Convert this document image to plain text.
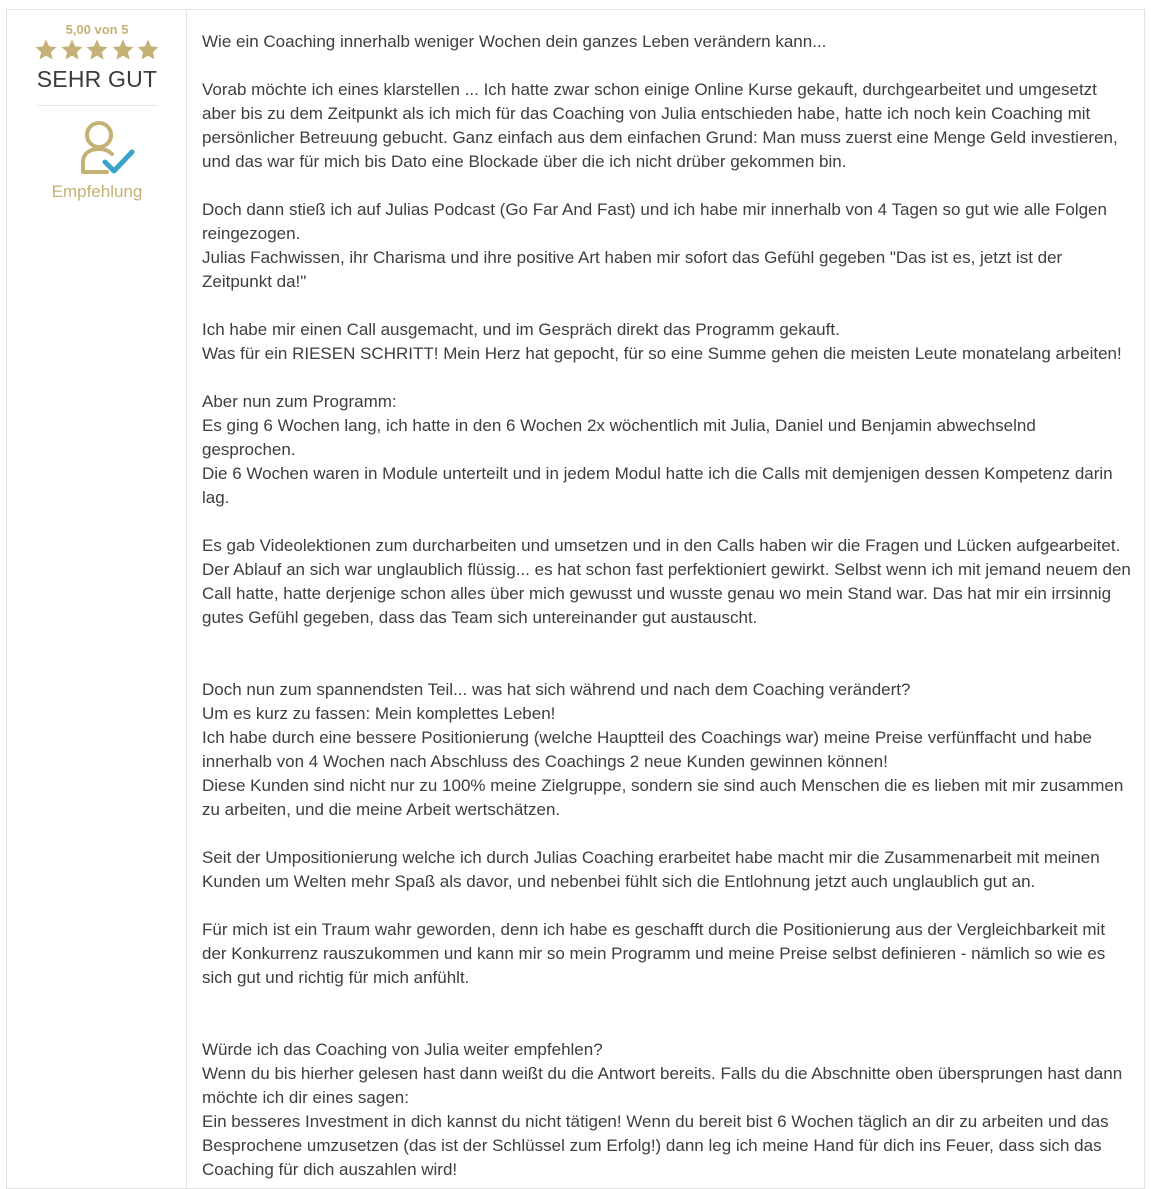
5,00 von 5
SEHR GUT
Empfehlung

Wie ein Coaching innerhalb weniger Wochen dein ganzes Leben verändern kann...

Vorab möchte ich eines klarstellen ... Ich hatte zwar schon einige Online Kurse gekauft, durchgearbeitet und umgesetzt aber bis zu dem Zeitpunkt als ich mich für das Coaching von Julia entschieden habe, hatte ich noch kein Coaching mit persönlicher Betreuung gebucht. Ganz einfach aus dem einfachen Grund: Man muss zuerst eine Menge Geld investieren, und das war für mich bis Dato eine Blockade über die ich nicht drüber gekommen bin.

Doch dann stieß ich auf Julias Podcast (Go Far And Fast) und ich habe mir innerhalb von 4 Tagen so gut wie alle Folgen reingezogen.
Julias Fachwissen, ihr Charisma und ihre positive Art haben mir sofort das Gefühl gegeben "Das ist es, jetzt ist der Zeitpunkt da!"

Ich habe mir einen Call ausgemacht, und im Gespräch direkt das Programm gekauft.
Was für ein RIESEN SCHRITT! Mein Herz hat gepocht, für so eine Summe gehen die meisten Leute monatelang arbeiten!

Aber nun zum Programm:
Es ging 6 Wochen lang, ich hatte in den 6 Wochen 2x wöchentlich mit Julia, Daniel und Benjamin abwechselnd gesprochen.
Die 6 Wochen waren in Module unterteilt und in jedem Modul hatte ich die Calls mit demjenigen dessen Kompetenz darin lag.

Es gab Videolektionen zum durcharbeiten und umsetzen und in den Calls haben wir die Fragen und Lücken aufgearbeitet.
Der Ablauf an sich war unglaublich flüssig... es hat schon fast perfektioniert gewirkt. Selbst wenn ich mit jemand neuem den Call hatte, hatte derjenige schon alles über mich gewusst und wusste genau wo mein Stand war. Das hat mir ein irrsinnig gutes Gefühl gegeben, dass das Team sich untereinander gut austauscht.

Doch nun zum spannendsten Teil... was hat sich während und nach dem Coaching verändert?
Um es kurz zu fassen: Mein komplettes Leben!
Ich habe durch eine bessere Positionierung (welche Hauptteil des Coachings war) meine Preise verfünffacht und habe innerhalb von 4 Wochen nach Abschluss des Coachings 2 neue Kunden gewinnen können!
Diese Kunden sind nicht nur zu 100% meine Zielgruppe, sondern sie sind auch Menschen die es lieben mit mir zusammen zu arbeiten, und die meine Arbeit wertschätzen.

Seit der Umpositionierung welche ich durch Julias Coaching erarbeitet habe macht mir die Zusammenarbeit mit meinen Kunden um Welten mehr Spaß als davor, und nebenbei fühlt sich die Entlohnung jetzt auch unglaublich gut an.

Für mich ist ein Traum wahr geworden, denn ich habe es geschafft durch die Positionierung aus der Vergleichbarkeit mit der Konkurrenz rauszukommen und kann mir so mein Programm und meine Preise selbst definieren - nämlich so wie es sich gut und richtig für mich anfühlt.

Würde ich das Coaching von Julia weiter empfehlen?
Wenn du bis hierher gelesen hast dann weißt du die Antwort bereits. Falls du die Abschnitte oben übersprungen hast dann möchte ich dir eines sagen:
Ein besseres Investment in dich kannst du nicht tätigen! Wenn du bereit bist 6 Wochen täglich an dir zu arbeiten und das Besprochene umzusetzen (das ist der Schlüssel zum Erfolg!) dann leg ich meine Hand für dich ins Feuer, dass sich das Coaching für dich auszahlen wird!
